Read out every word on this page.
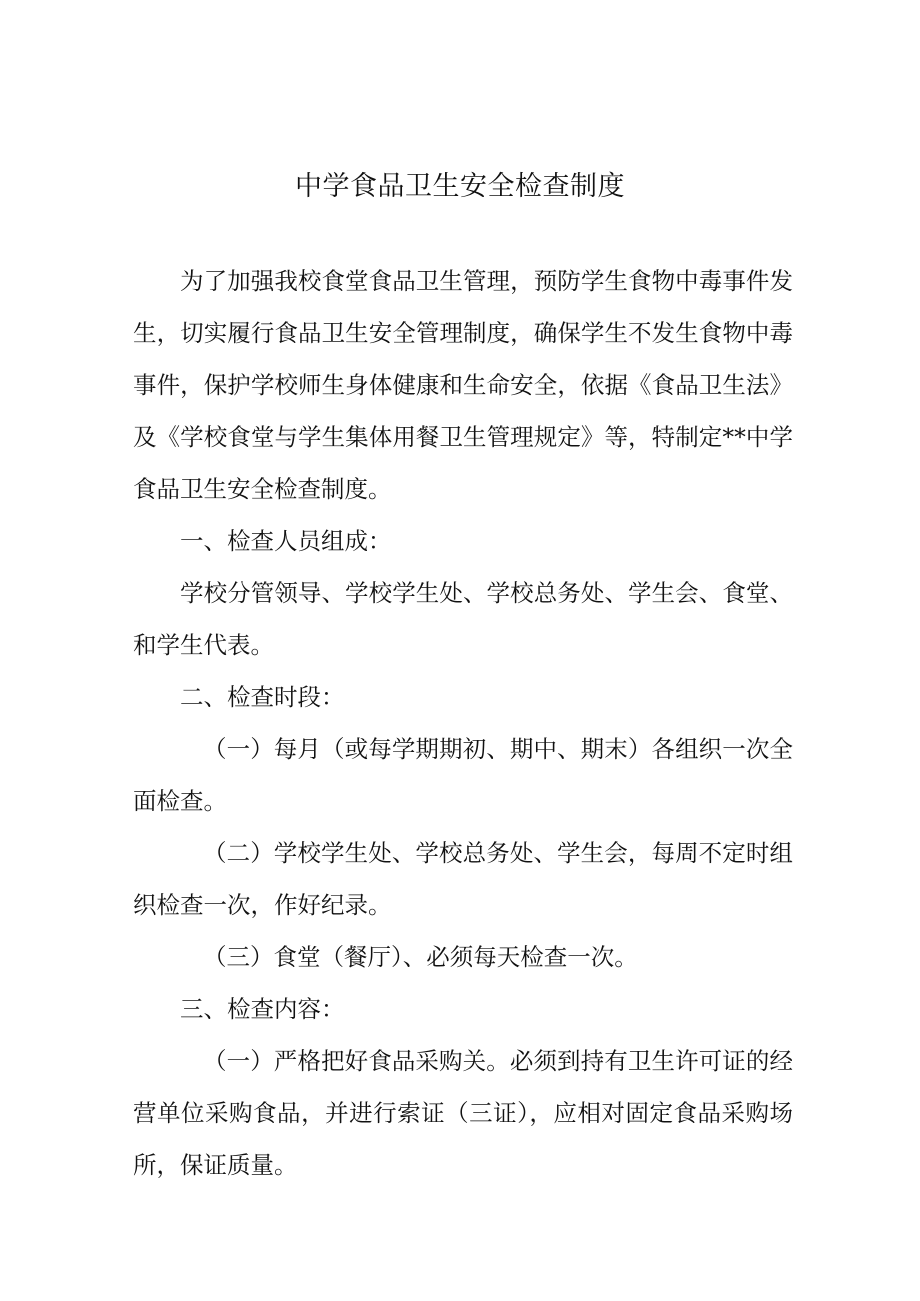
中学食品卫生安全检查制度

为了加强我校食堂食品卫生管理，预防学生食物中毒事件发生，切实履行食品卫生安全管理制度，确保学生不发生食物中毒事件，保护学校师生身体健康和生命安全，依据《食品卫生法》及《学校食堂与学生集体用餐卫生管理规定》等，特制定**中学食品卫生安全检查制度。

一、检查人员组成：

学校分管领导、学校学生处、学校总务处、学生会、食堂、和学生代表。

二、检查时段：

（一）每月（或每学期期初、期中、期末）各组织一次全面检查。

（二）学校学生处、学校总务处、学生会，每周不定时组织检查一次，作好纪录。

（三）食堂（餐厅）、必须每天检查一次。

三、检查内容：

（一）严格把好食品采购关。必须到持有卫生许可证的经营单位采购食品，并进行索证（三证），应相对固定食品采购场所，保证质量。
